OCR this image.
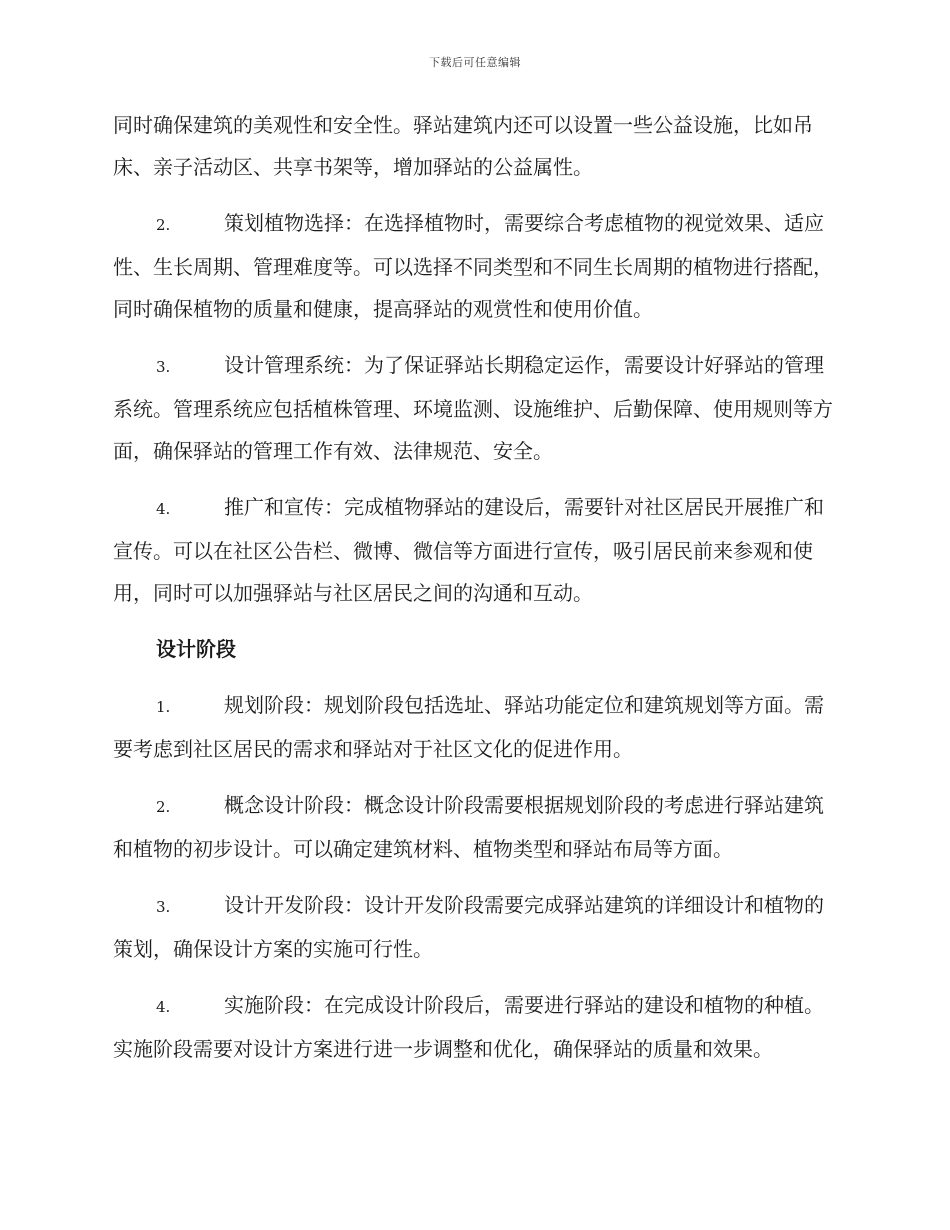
下载后可任意编辑

同时确保建筑的美观性和安全性。驿站建筑内还可以设置一些公益设施，比如吊床、亲子活动区、共享书架等，增加驿站的公益属性。

2.	策划植物选择：在选择植物时，需要综合考虑植物的视觉效果、适应性、生长周期、管理难度等。可以选择不同类型和不同生长周期的植物进行搭配，同时确保植物的质量和健康，提高驿站的观赏性和使用价值。

3.	设计管理系统：为了保证驿站长期稳定运作，需要设计好驿站的管理系统。管理系统应包括植株管理、环境监测、设施维护、后勤保障、使用规则等方面，确保驿站的管理工作有效、法律规范、安全。

4.	推广和宣传：完成植物驿站的建设后，需要针对社区居民开展推广和宣传。可以在社区公告栏、微博、微信等方面进行宣传，吸引居民前来参观和使用，同时可以加强驿站与社区居民之间的沟通和互动。

设计阶段

1.	规划阶段：规划阶段包括选址、驿站功能定位和建筑规划等方面。需要考虑到社区居民的需求和驿站对于社区文化的促进作用。

2.	概念设计阶段：概念设计阶段需要根据规划阶段的考虑进行驿站建筑和植物的初步设计。可以确定建筑材料、植物类型和驿站布局等方面。

3.	设计开发阶段：设计开发阶段需要完成驿站建筑的详细设计和植物的策划，确保设计方案的实施可行性。

4.	实施阶段：在完成设计阶段后，需要进行驿站的建设和植物的种植。实施阶段需要对设计方案进行进一步调整和优化，确保驿站的质量和效果。
